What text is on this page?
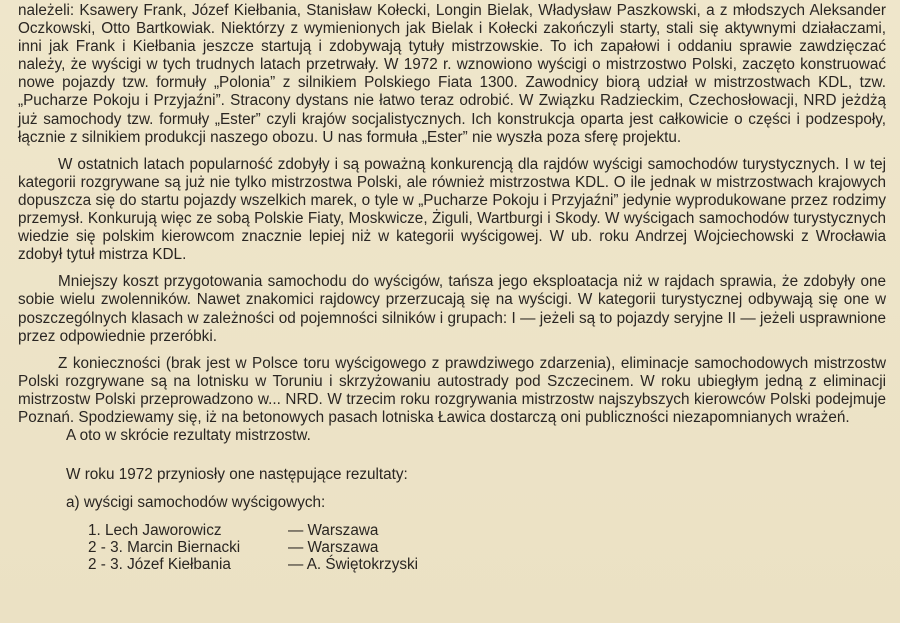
należeli: Ksawery Frank, Józef Kiełbania, Stanisław Kołecki, Longin Bielak, Władysław Paszkowski, a z młodszych Aleksander Oczkowski, Otto Bartkowiak. Niektórzy z wymienionych jak Bielak i Kołecki zakończyli starty, stali się aktywnymi działaczami, inni jak Frank i Kiełbania jeszcze startują i zdobywają tytuły mistrzowskie. To ich zapałowi i oddaniu sprawie zawdzięczać należy, że wyścigi w tych trudnych latach przetrwały. W 1972 r. wznowiono wyścigi o mistrzostwo Polski, zaczęto konstruować nowe pojazdy tzw. formuły „Polonia” z silnikiem Polskiego Fiata 1300. Zawodnicy biorą udział w mistrzostwach KDL, tzw. „Pucharze Pokoju i Przyjaźni”. Stracony dystans nie łatwo teraz odrobić. W Związku Radzieckim, Czechosłowacji, NRD jeżdżą już samochody tzw. formuły „Ester” czyli krajów socjalistycznych. Ich konstrukcja oparta jest całkowicie o części i podzespoły, łącznie z silnikiem produkcji naszego obozu. U nas formuła „Ester” nie wyszła poza sferę projektu.

W ostatnich latach popularność zdobyły i są poważną konkurencją dla rajdów wyścigi samochodów turystycznych. I w tej kategorii rozgrywane są już nie tylko mistrzostwa Polski, ale również mistrzostwa KDL. O ile jednak w mistrzostwach krajowych dopuszcza się do startu pojazdy wszelkich marek, o tyle w „Pucharze Pokoju i Przyjaźni” jedynie wyprodukowane przez rodzimy przemysł. Konkurują więc ze sobą Polskie Fiaty, Moskwicze, Żiguli, Wartburgi i Skody. W wyścigach samochodów turystycznych wiedzie się polskim kierowcom znacznie lepiej niż w kategorii wyścigowej. W ub. roku Andrzej Wojciechowski z Wrocławia zdobył tytuł mistrza KDL.

Mniejszy koszt przygotowania samochodu do wyścigów, tańsza jego eksploatacja niż w rajdach sprawia, że zdobyły one sobie wielu zwolenników. Nawet znakomici rajdowcy przerzucają się na wyścigi. W kategorii turystycznej odbywają się one w poszczególnych klasach w zależności od pojemności silników i grupach: I — jeżeli są to pojazdy seryjne II — jeżeli usprawnione przez odpowiednie przeróbki.

Z konieczności (brak jest w Polsce toru wyścigowego z prawdziwego zdarzenia), eliminacje samochodowych mistrzostw Polski rozgrywane są na lotnisku w Toruniu i skrzyżowaniu autostrady pod Szczecinem. W roku ubiegłym jedną z eliminacji mistrzostw Polski przeprowadzono w... NRD. W trzecim roku rozgrywania mistrzostw najszybszych kierowców Polski podejmuje Poznań. Spodziewamy się, iż na betonowych pasach lotniska Ławica dostarczą oni publiczności niezapomnianych wrażeń.

A oto w skrócie rezultaty mistrzostw.

W roku 1972 przyniosły one następujące rezultaty:
a) wyścigi samochodów wyścigowych:
1. Lech Jaworowicz	— Warszawa
2 - 3. Marcin Biernacki	— Warszawa
2 - 3. Józef Kiełbania	— A. Świętokrzyski
